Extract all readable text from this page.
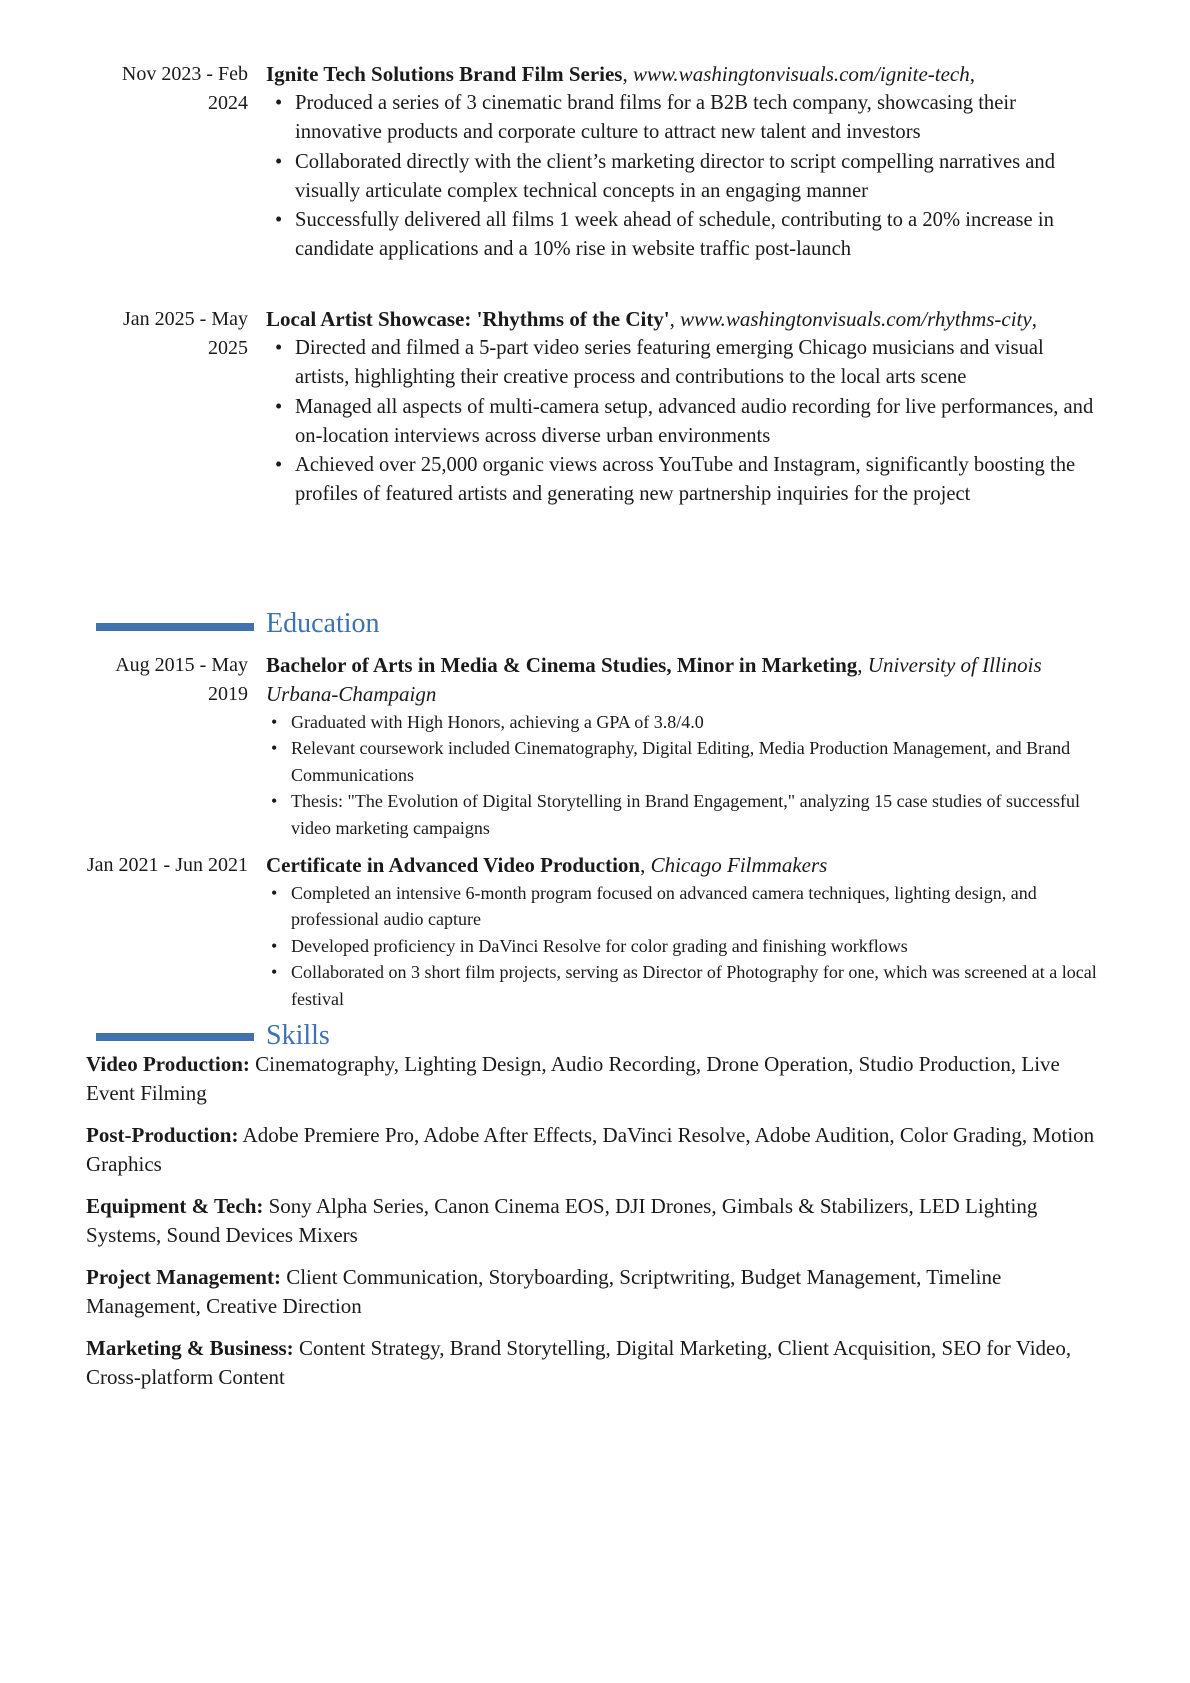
Nov 2023 - Feb 2024

Ignite Tech Solutions Brand Film Series, www.washingtonvisuals.com/ignite-tech,

• Produced a series of 3 cinematic brand films for a B2B tech company, showcasing their innovative products and corporate culture to attract new talent and investors
• Collaborated directly with the client’s marketing director to script compelling narratives and visually articulate complex technical concepts in an engaging manner
• Successfully delivered all films 1 week ahead of schedule, contributing to a 20% increase in candidate applications and a 10% rise in website traffic post-launch
Jan 2025 - May 2025

Local Artist Showcase: 'Rhythms of the City', www.washingtonvisuals.com/rhythms-city,

• Directed and filmed a 5-part video series featuring emerging Chicago musicians and visual artists, highlighting their creative process and contributions to the local arts scene
• Managed all aspects of multi-camera setup, advanced audio recording for live performances, and on-location interviews across diverse urban environments
• Achieved over 25,000 organic views across YouTube and Instagram, significantly boosting the profiles of featured artists and generating new partnership inquiries for the project
Education
Aug 2015 - May 2019

Bachelor of Arts in Media & Cinema Studies, Minor in Marketing, University of Illinois Urbana-Champaign

• Graduated with High Honors, achieving a GPA of 3.8/4.0
• Relevant coursework included Cinematography, Digital Editing, Media Production Management, and Brand Communications
• Thesis: "The Evolution of Digital Storytelling in Brand Engagement," analyzing 15 case studies of successful video marketing campaigns
Jan 2021 - Jun 2021 Certificate in Advanced Video Production, Chicago Filmmakers

• Completed an intensive 6-month program focused on advanced camera techniques, lighting design, and professional audio capture
• Developed proficiency in DaVinci Resolve for color grading and finishing workflows
• Collaborated on 3 short film projects, serving as Director of Photography for one, which was screened at a local festival
Skills

Video Production: Cinematography, Lighting Design, Audio Recording, Drone Operation, Studio Production, Live Event Filming

Post-Production: Adobe Premiere Pro, Adobe After Effects, DaVinci Resolve, Adobe Audition, Color Grading, Motion Graphics

Equipment & Tech: Sony Alpha Series, Canon Cinema EOS, DJI Drones, Gimbals & Stabilizers, LED Lighting Systems, Sound Devices Mixers

Project Management: Client Communication, Storyboarding, Scriptwriting, Budget Management, Timeline Management, Creative Direction

Marketing & Business: Content Strategy, Brand Storytelling, Digital Marketing, Client Acquisition, SEO for Video, Cross-platform Content
